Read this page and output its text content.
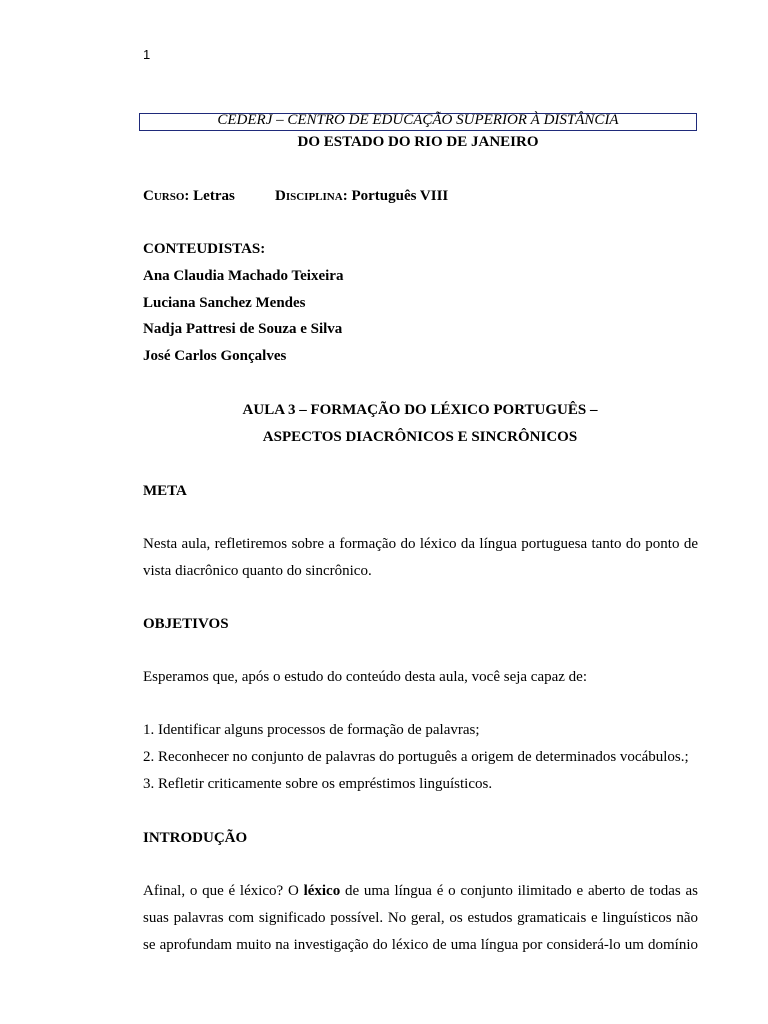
1
CEDERJ – CENTRO DE EDUCAÇÃO SUPERIOR À DISTÂNCIA
DO ESTADO DO RIO DE JANEIRO
CURSO: Letras	DISCIPLINA: Português VIII
CONTEUDISTAS:
Ana Claudia Machado Teixeira
Luciana Sanchez Mendes
Nadja Pattresi de Souza e Silva
José Carlos Gonçalves
AULA 3 – FORMAÇÃO DO LÉXICO PORTUGUÊS –
ASPECTOS DIACRÔNICOS E SINCRÔNICOS
META
Nesta aula, refletiremos sobre a formação do léxico da língua portuguesa tanto do ponto de
vista diacrônico quanto do sincrônico.
OBJETIVOS
Esperamos que, após o estudo do conteúdo desta aula, você seja capaz de:
1. Identificar alguns processos de formação de palavras;
2. Reconhecer no conjunto de palavras do português a origem de determinados vocábulos.;
3. Refletir criticamente sobre os empréstimos linguísticos.
INTRODUÇÃO
Afinal, o que é léxico? O léxico de uma língua é o conjunto ilimitado e aberto de todas as
suas palavras com significado possível. No geral, os estudos gramaticais e linguísticos não
se aprofundam muito na investigação do léxico de uma língua por considerá-lo um domínio
